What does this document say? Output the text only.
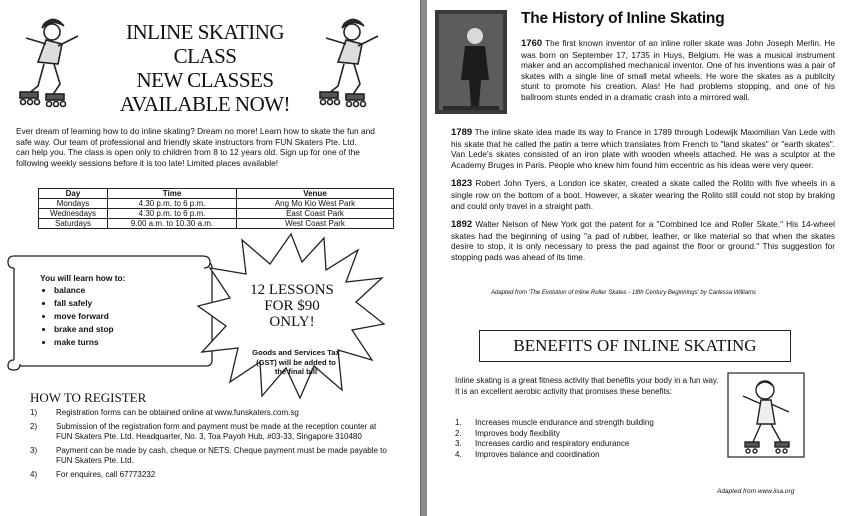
INLINE SKATING
CLASS
NEW CLASSES
AVAILABLE NOW!
Ever dream of learning how to do inline skating? Dream no more! Learn how to skate the fun and
safe way. Our team of professional and friendly skate instructors from FUN Skaters Pte. Ltd.
can help you. The class is open only to children from 8 to 12 years old. Sign up for one of the
following weekly sessions before it is too late! Limited places available!
Day	Time	Venue
Mondays	4.30 p.m. to 6 p.m.	Ang Mo Kio West Park
Wednesdays	4.30 p.m. to 6 p.m.	East Coast Park
Saturdays	9.00 a.m. to 10.30 a.m.	West Coast Park
You will learn how to:
• balance
• fall safely
• move forward
• brake and stop
• make turns
12 LESSONS
FOR $90
ONLY!
Goods and Services Tax
(GST) will be added to
the final bill
HOW TO REGISTER
1)	Registration forms can be obtained online at www.funskaters.com.sg
2)	Submission of the registration form and payment must be made at the reception counter at FUN Skaters Pte. Ltd. Headquarter, No. 3, Toa Payoh Hub, #03-33, Singapore 310480
3)	Payment can be made by cash, cheque or NETS. Cheque payment must be made payable to FUN Skaters Pte. Ltd.
4)	For enquires, call 67773232
The History of Inline Skating

1760 The first known inventor of an inline roller skate was John Joseph Merlin. He was born on September 17, 1735 in Huys, Belgium. He was a musical instrument maker and an accomplished mechanical inventor. One of his inventions was a pair of skates with a single line of small metal wheels. He wore the skates as a publicity stunt to promote his creation. Alas! He had problems stopping, and one of his ballroom stunts ended in a dramatic crash into a mirrored wall.

1789 The inline skate idea made its way to France in 1789 through Lodewijk Maximilian Van Lede with his skate that he called the patin a terre which translates from French to "land skates" or "earth skates". Van Lede's skates consisted of an iron plate with wooden wheels attached. He was a sculptor at the Academy Bruges in Paris. People who knew him found him eccentric as his ideas were very queer.

1823 Robert John Tyers, a London ice skater, created a skate called the Rolito with five wheels in a single row on the bottom of a boot. However, a skater wearing the Rolito still could not stop by braking and could only travel in a straight path.

1892 Walter Nelson of New York got the patent for a "Combined Ice and Roller Skate." His 14-wheel skates had the beginning of using "a pad of rubber, leather, or like material so that when the skates desire to stop, it is only necessary to press the pad against the floor or ground." This suggestion for stopping pads was ahead of its time.

Adapted from 'The Evolution of Inline Roller Skates - 18th Century Beginnings' by Carlessa Williams
BENEFITS OF INLINE SKATING
Inline skating is a great fitness activity that benefits your body in a fun way. It is an excellent aerobic activity that promises these benefits:
1.	Increases muscle endurance and strength building
2.	Improves body flexibility
3.	Increases cardio and respiratory endurance
4.	Improves balance and coordination
Adapted from www.iisa.org
